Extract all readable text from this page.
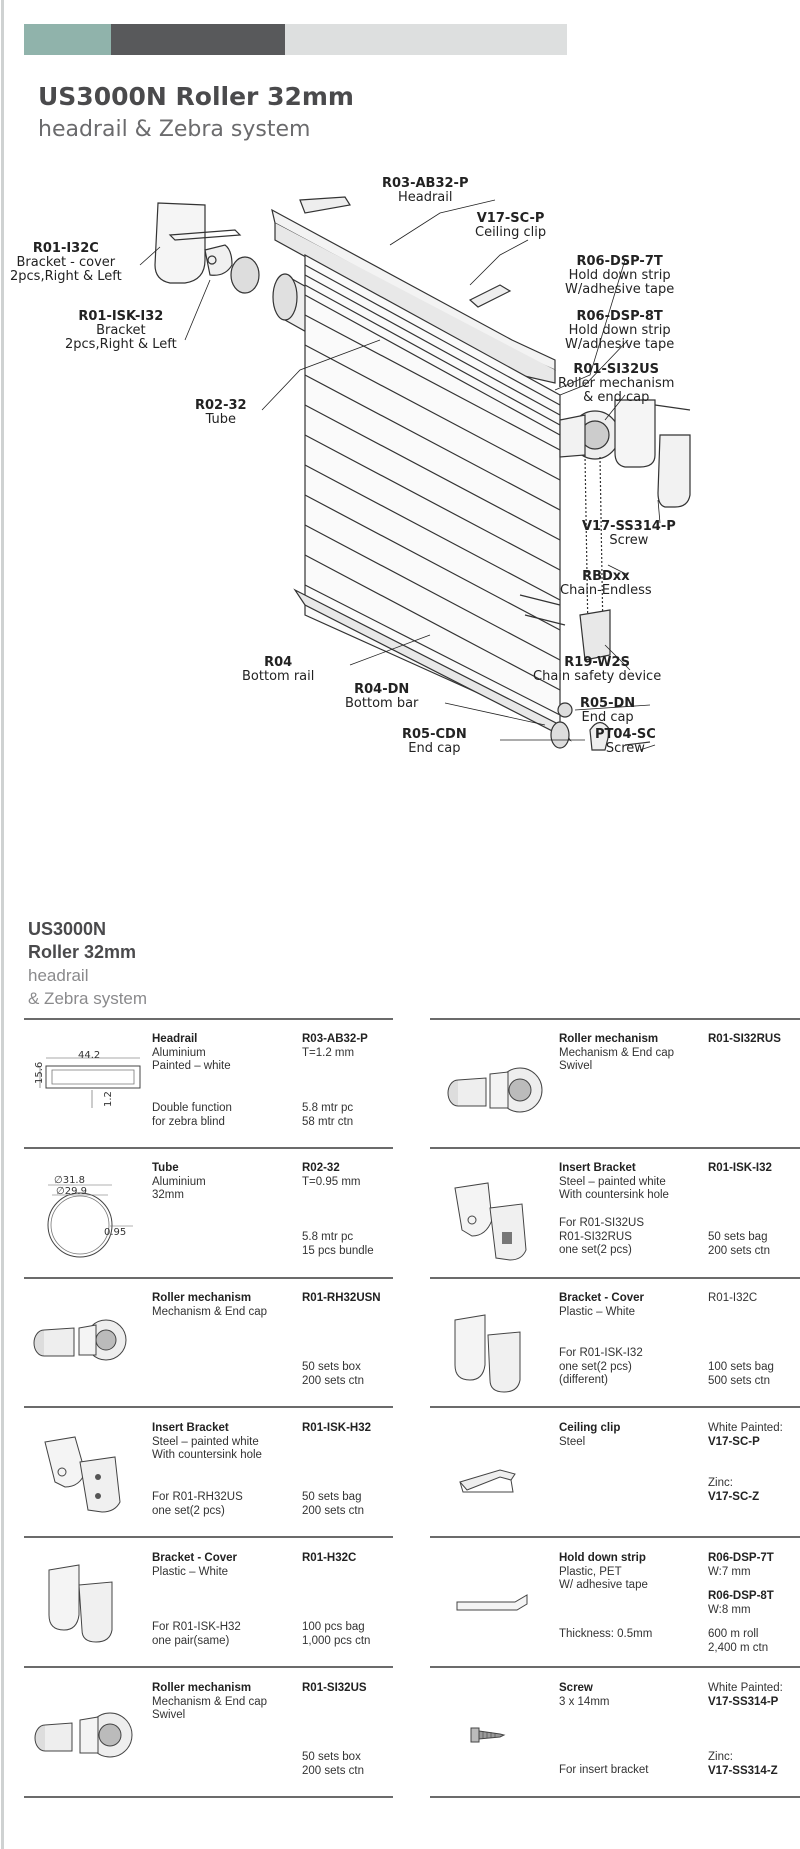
US3000N Roller 32mm
headrail & Zebra system
R03-AB32-P
Headrail
V17-SC-P
Ceiling clip
R01-I32C
Bracket - cover
2pcs,Right & Left
R06-DSP-7T
Hold down strip
W/adhesive tape
R01-ISK-I32
Bracket
2pcs,Right & Left
R06-DSP-8T
Hold down strip
W/adhesive tape
R01-SI32US
Roller mechanism
& end cap
R02-32
Tube
V17-SS314-P
Screw
RBDxx
Chain-Endless
R04
Bottom rail
R19-W2S
Chain safety device
R04-DN
Bottom bar	R05-DN
End cap
R05-CDN
End cap
PT04-SC
Screw
US3000N
Roller 32mm
headrail
& Zebra system
44.2
15.6
1.2
Headrail
Aluminium
Painted – white
Double function
for zebra blind
R03-AB32-P
T=1.2 mm
5.8 mtr pc
58 mtr ctn
∅31.8
∅29.9
0.95
Tube
Aluminium
32mm
R02-32
T=0.95 mm
5.8 mtr pc
15 pcs bundle
Roller mechanism
Mechanism & End cap
R01-RH32USN
50 sets box
200 sets ctn
Insert Bracket
Steel – painted white
With countersink hole
For R01-RH32US
one set(2 pcs)
R01-ISK-H32
50 sets bag
200 sets ctn
Bracket - Cover
Plastic – White
For R01-ISK-H32
one pair(same)
R01-H32C
100 pcs bag
1,000 pcs ctn
Roller mechanism
Mechanism & End cap
Swivel
R01-SI32US
50 sets box
200 sets ctn
Roller mechanism
Mechanism & End cap
Swivel
R01-SI32RUS
Insert Bracket
Steel – painted white
With countersink hole
For R01-SI32US
R01-SI32RUS
one set(2 pcs)
R01-ISK-I32
50 sets bag
200 sets ctn
Bracket - Cover
Plastic – White
For R01-ISK-I32
one set(2 pcs)
(different)
R01-I32C
100 sets bag
500 sets ctn
Ceiling clip
Steel
White Painted:
V17-SC-P
Zinc:
V17-SC-Z
Hold down strip
Plastic, PET
W/ adhesive tape
Thickness: 0.5mm
R06-DSP-7T
W:7 mm
R06-DSP-8T
W:8 mm
600 m roll
2,400 m ctn
Screw
3 x 14mm
For insert bracket
White Painted:
V17-SS314-P
Zinc:
V17-SS314-Z
